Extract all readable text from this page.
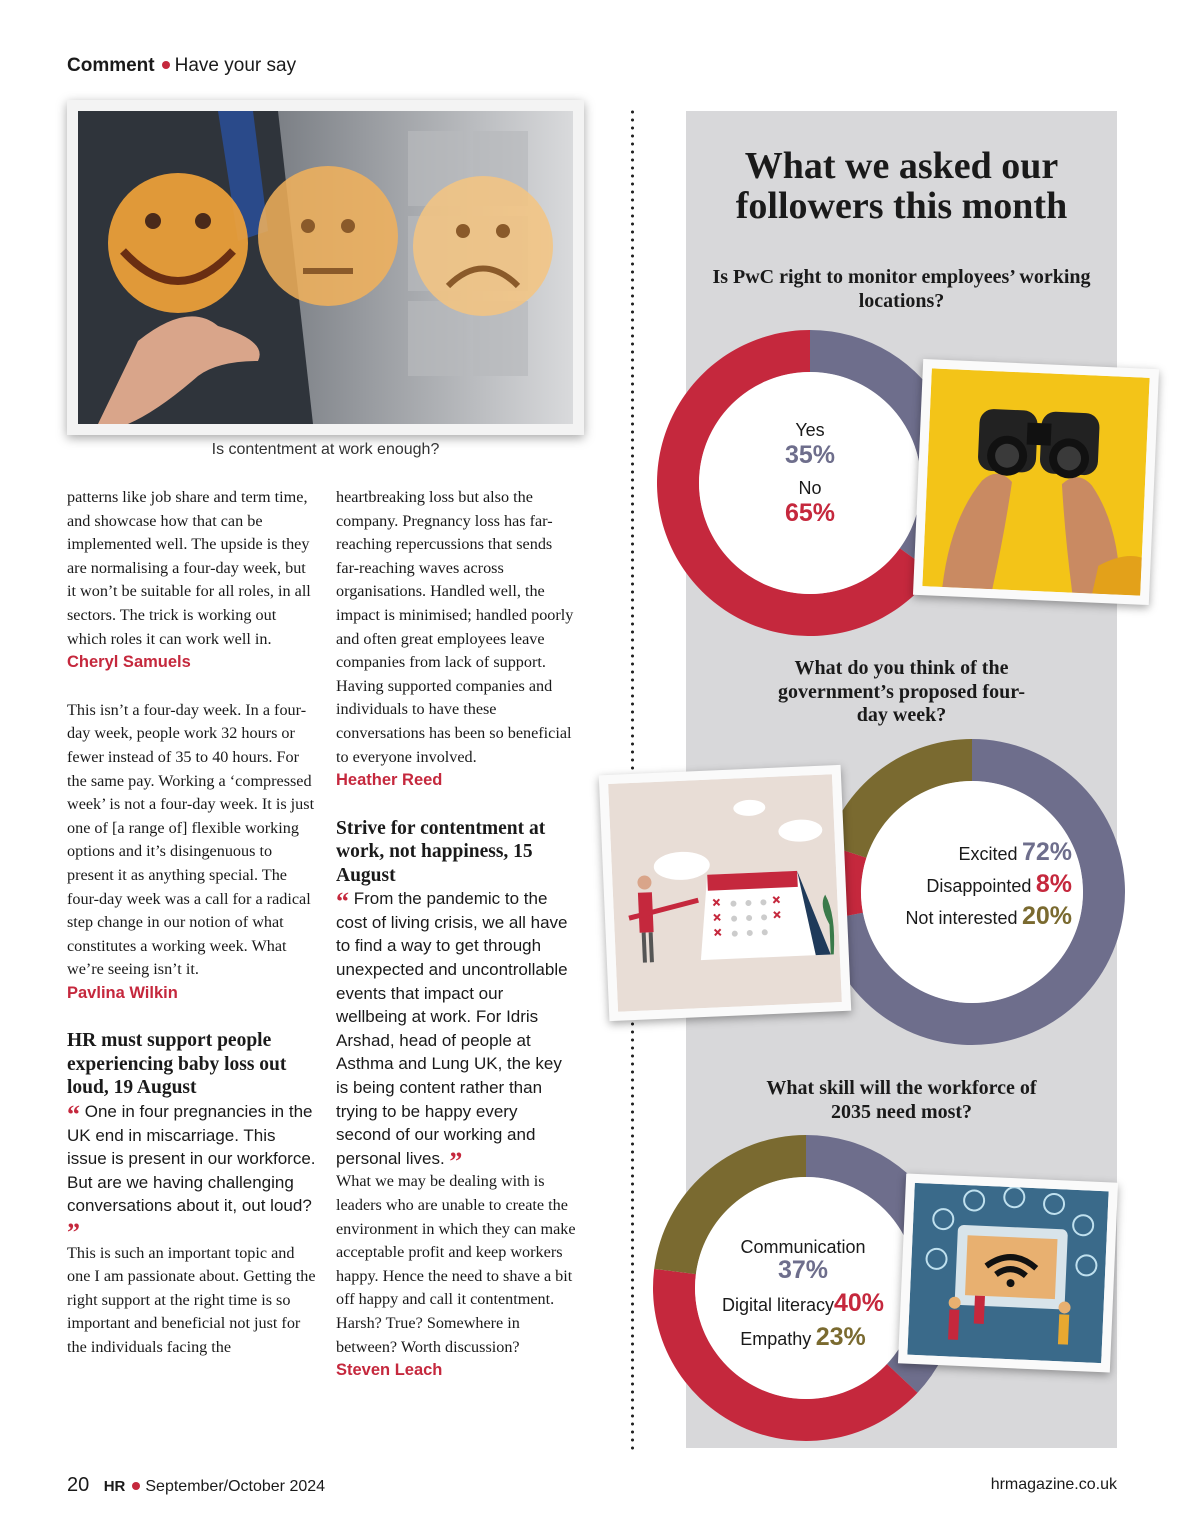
Comment Have your say
Is contentment at work enough?

patterns like job share and term time, and showcase how that can be implemented well. The upside is they are normalising a four-day week, but it won’t be suitable for all roles, in all sectors. The trick is working out which roles it can work well in.

Cheryl Samuels

This isn’t a four-day week. In a four-day week, people work 32 hours or fewer instead of 35 to 40 hours. For the same pay. Working a ‘compressed week’ is not a four-day week. It is just one of [a range of] flexible working options and it’s disingenuous to present it as anything special. The four-day week was a call for a radical step change in our notion of what constitutes a working week. What we’re seeing isn’t it.

Pavlina Wilkin

HR must support people experiencing baby loss out loud, 19 August

“ One in four pregnancies in the UK end in miscarriage. This issue is present in our workforce. But are we having challenging conversations about it, out loud? ”

This is such an important topic and one I am passionate about. Getting the right support at the right time is so important and beneficial not just for the individuals facing the

heartbreaking loss but also the company. Pregnancy loss has far-reaching repercussions that sends far-reaching waves across organisations. Handled well, the impact is minimised; handled poorly and often great employees leave companies from lack of support. Having supported companies and individuals to have these conversations has been so beneficial to everyone involved.

Heather Reed

Strive for contentment at work, not happiness, 15 August

“ From the pandemic to the cost of living crisis, we all have to find a way to get through unexpected and uncontrollable events that impact our wellbeing at work. For Idris Arshad, head of people at Asthma and Lung UK, the key is being content rather than trying to be happy every second of our working and personal lives. ”

What we may be dealing with is leaders who are unable to create the environment in which they can make acceptable profit and keep workers happy. Hence the need to shave a bit off happy and call it contentment. Harsh? True? Somewhere in between? Worth discussion?

Steven Leach

What we asked our followers this month
Is PwC right to monitor employees’ working locations?
What do you think of the government’s proposed four-day week?
What skill will the workforce of 2035 need most?
Yes
35%
No
65%
Excited 72%
Disappointed 8%
Not interested 20%
Communication
37%
Digital literacy40%
Empathy 23%
20 HR September/October 2024	hrmagazine.co.uk
